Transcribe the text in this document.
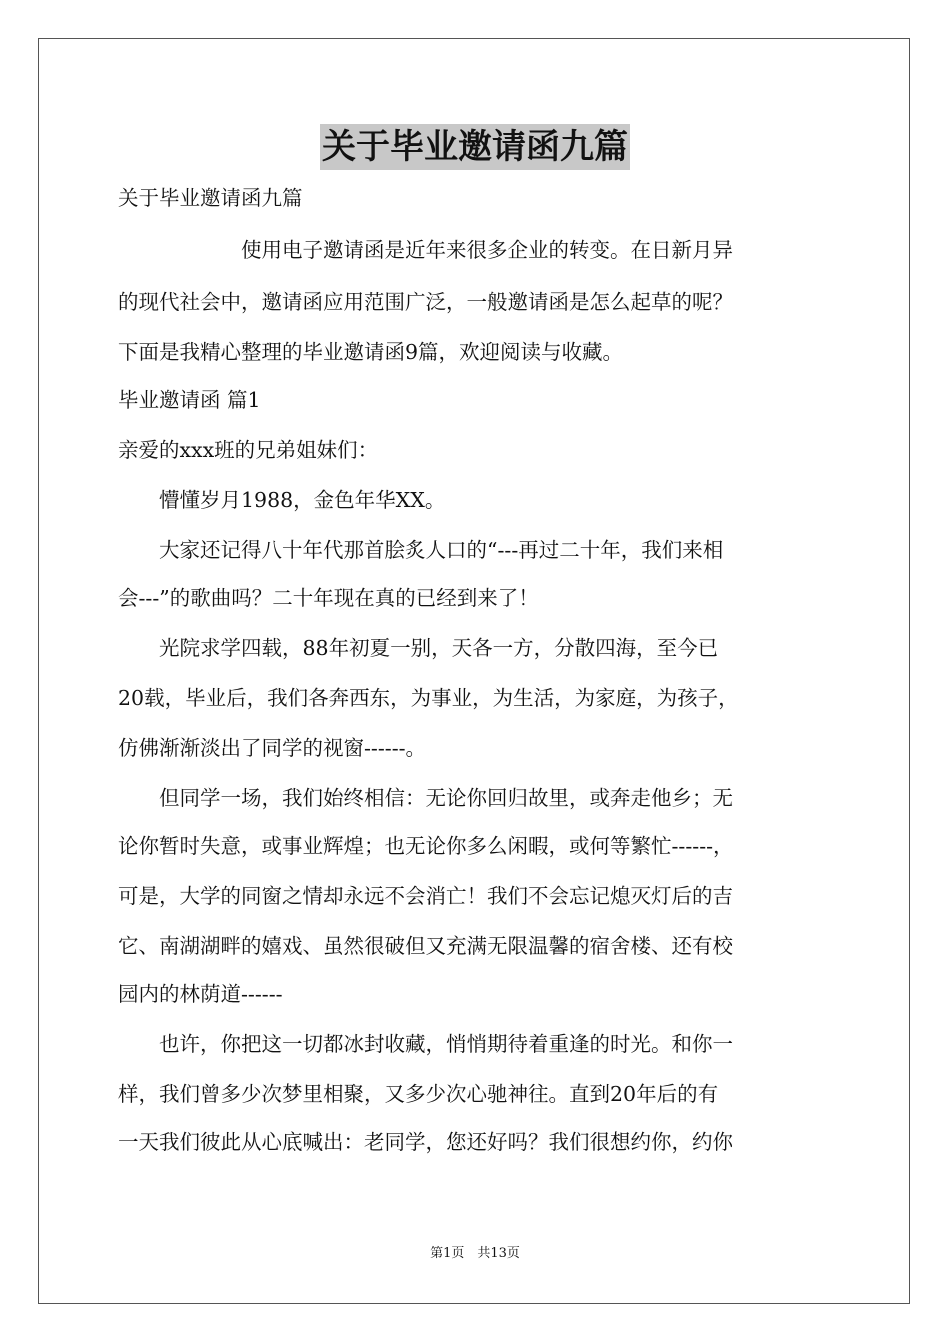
关于毕业邀请函九篇
关于毕业邀请函九篇
　　　　　　使用电子邀请函是近年来很多企业的转变。在日新月异
的现代社会中，邀请函应用范围广泛，一般邀请函是怎么起草的呢？
下面是我精心整理的毕业邀请函9篇，欢迎阅读与收藏。
毕业邀请函 篇1
亲爱的xxx班的兄弟姐妹们：
　　懵懂岁月1988，金色年华XX。
　　大家还记得八十年代那首脍炙人口的“---再过二十年，我们来相
会---”的歌曲吗？二十年现在真的已经到来了！
　　光院求学四载，88年初夏一别，天各一方，分散四海，至今已
20载，毕业后，我们各奔西东，为事业，为生活，为家庭，为孩子，
仿佛渐渐淡出了同学的视窗------。
　　但同学一场，我们始终相信：无论你回归故里，或奔走他乡；无
论你暂时失意，或事业辉煌；也无论你多么闲暇，或何等繁忙------，
可是，大学的同窗之情却永远不会消亡！我们不会忘记熄灭灯后的吉
它、南湖湖畔的嬉戏、虽然很破但又充满无限温馨的宿舍楼、还有校
园内的林荫道------
　　也许，你把这一切都冰封收藏，悄悄期待着重逢的时光。和你一
样，我们曾多少次梦里相聚，又多少次心驰神往。直到20年后的有
一天我们彼此从心底喊出：老同学，您还好吗？我们很想约你，约你
第1页　共13页
